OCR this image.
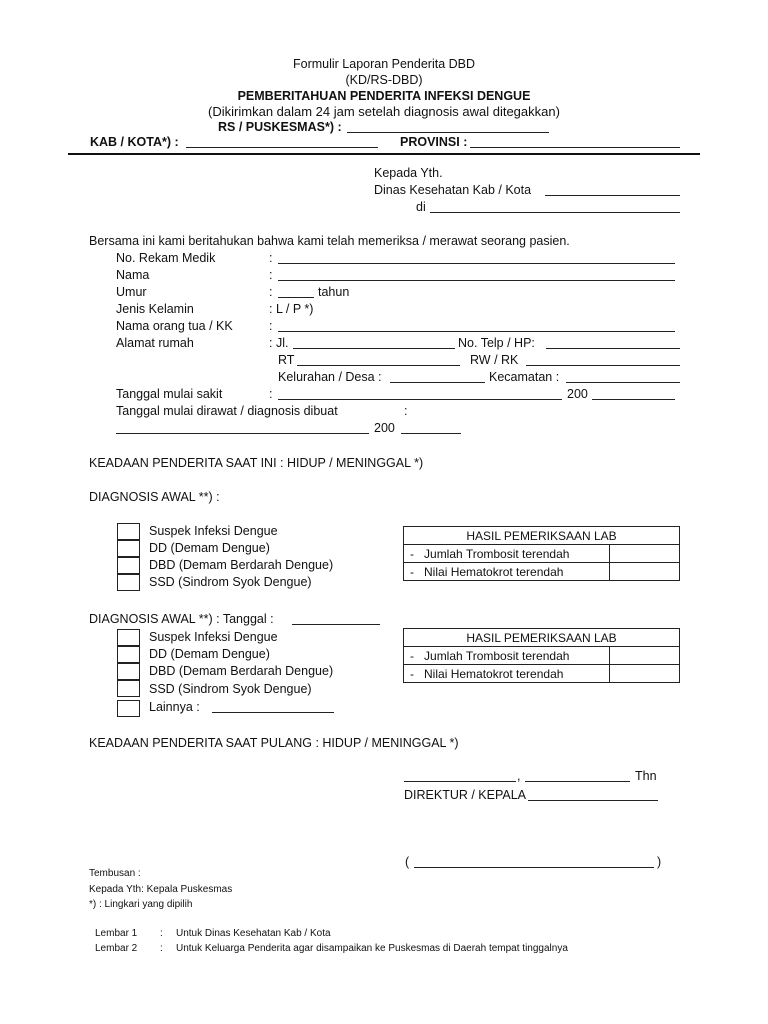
Formulir Laporan Penderita DBD
(KD/RS-DBD)
PEMBERITAHUAN PENDERITA INFEKSI DENGUE
(Dikirimkan dalam 24 jam setelah diagnosis awal ditegakkan)
RS / PUSKESMAS*) :
KAB / KOTA*) :	PROVINSI :
Kepada Yth.
Dinas Kesehatan Kab / Kota
di
Bersama ini kami beritahukan bahwa kami telah memeriksa / merawat seorang pasien.
No. Rekam Medik	:
Nama	:
Umur	:	tahun
Jenis Kelamin	: L / P *)
Nama orang tua / KK	:
Alamat rumah	: Jl.	No. Telp / HP:
RT	RW / RK
Kelurahan / Desa :	Kecamatan :
Tanggal mulai sakit	:	200
Tanggal mulai dirawat / diagnosis dibuat	:
200
KEADAAN PENDERITA SAAT INI : HIDUP / MENINGGAL *)
DIAGNOSIS AWAL **) :
Suspek Infeksi Dengue
DD (Demam Dengue)
DBD (Demam Berdarah Dengue)
SSD (Sindrom Syok Dengue)
HASIL PEMERIKSAAN LAB	
- Jumlah Trombosit terendah	
- Nilai Hematokrot terendah	
DIAGNOSIS AWAL **) : Tanggal :
Suspek Infeksi Dengue
DD (Demam Dengue)
DBD (Demam Berdarah Dengue)
SSD (Sindrom Syok Dengue)
Lainnya :
HASIL PEMERIKSAAN LAB	
- Jumlah Trombosit terendah	
- Nilai Hematokrot terendah	
KEADAAN PENDERITA SAAT PULANG : HIDUP / MENINGGAL *)
,	Thn
DIREKTUR / KEPALA
(	)
Tembusan :
Kepada Yth: Kepala Puskesmas
*) : Lingkari yang dipilih
Lembar 1 : Untuk Dinas Kesehatan Kab / Kota
Lembar 2 : Untuk Keluarga Penderita agar disampaikan ke Puskesmas di Daerah tempat tinggalnya
